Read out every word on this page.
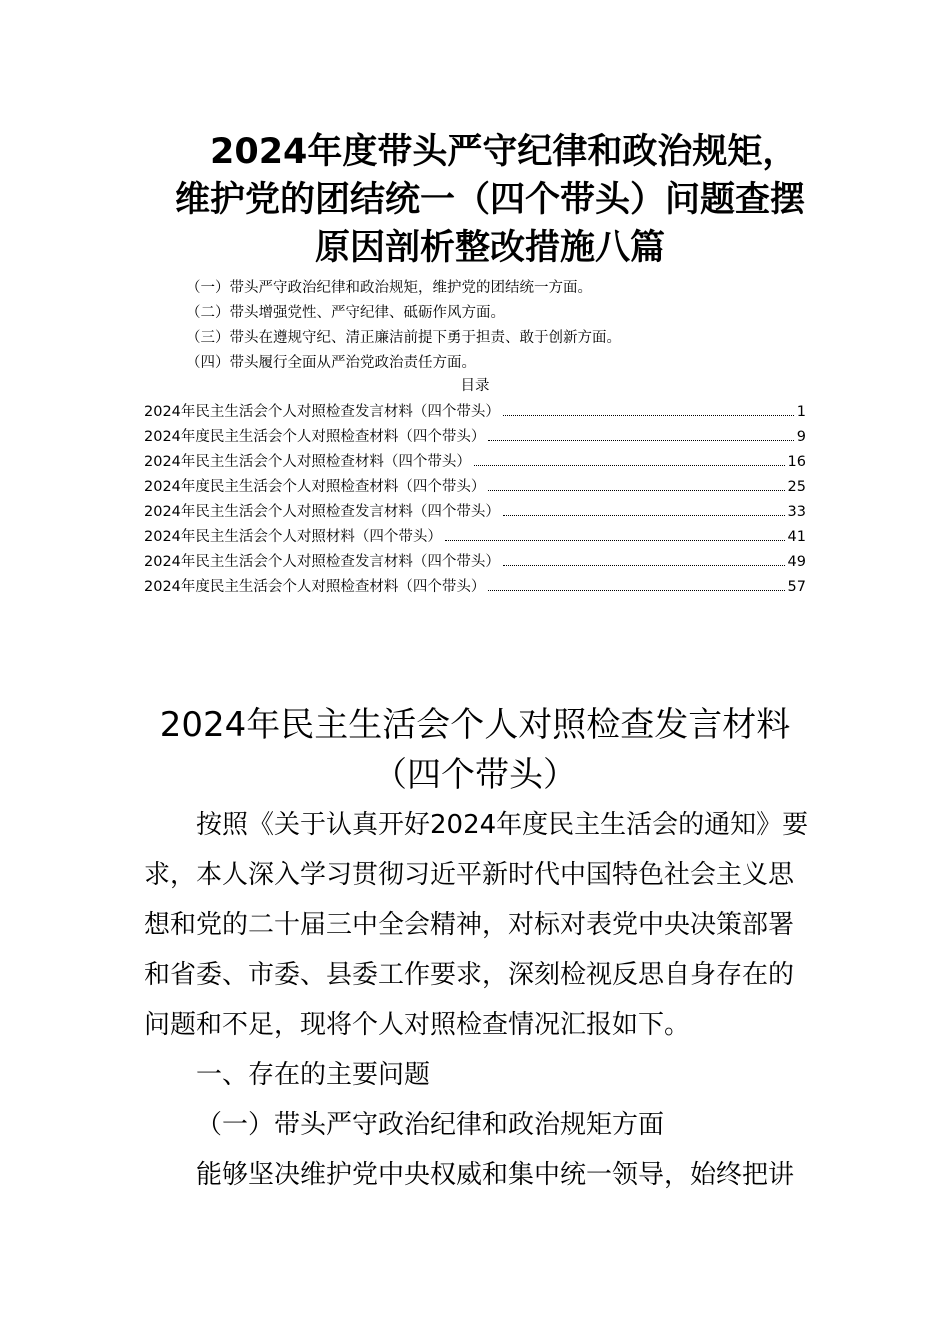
2024年度带头严守纪律和政治规矩，
维护党的团结统一（四个带头）问题查摆
原因剖析整改措施八篇
（一）带头严守政治纪律和政治规矩，维护党的团结统一方面。
（二）带头增强党性、严守纪律、砥砺作风方面。
（三）带头在遵规守纪、清正廉洁前提下勇于担责、敢于创新方面。
（四）带头履行全面从严治党政治责任方面。
目录
2024年民主生活会个人对照检查发言材料（四个带头）	1
2024年度民主生活会个人对照检查材料（四个带头）	9
2024年民主生活会个人对照检查材料（四个带头）	16
2024年度民主生活会个人对照检查材料（四个带头）	25
2024年民主生活会个人对照检查发言材料（四个带头）	33
2024年民主生活会个人对照材料（四个带头）	41
2024年民主生活会个人对照检查发言材料（四个带头）	49
2024年度民主生活会个人对照检查材料（四个带头）	57
2024年民主生活会个人对照检查发言材料
（四个带头）

按照《关于认真开好2024年度民主生活会的通知》要求，本人深入学习贯彻习近平新时代中国特色社会主义思想和党的二十届三中全会精神，对标对表党中央决策部署和省委、市委、县委工作要求，深刻检视反思自身存在的问题和不足，现将个人对照检查情况汇报如下。

一、存在的主要问题

（一）带头严守政治纪律和政治规矩方面

能够坚决维护党中央权威和集中统一领导，始终把讲
